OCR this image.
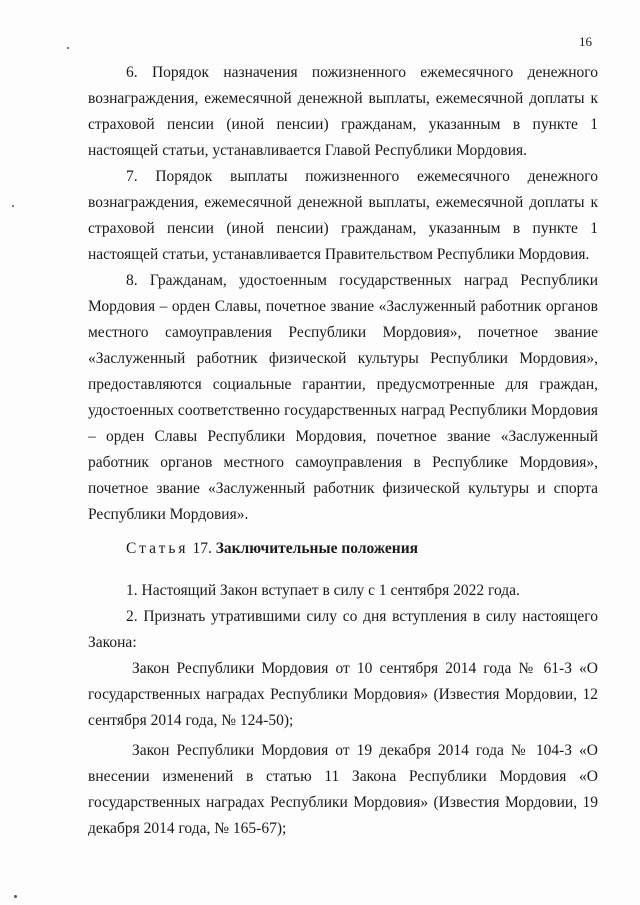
16

6. Порядок назначения пожизненного ежемесячного денежного вознаграждения, ежемесячной денежной выплаты, ежемесячной доплаты к страховой пенсии (иной пенсии) гражданам, указанным в пункте 1 настоящей статьи, устанавливается Главой Республики Мордовия.

7. Порядок выплаты пожизненного ежемесячного денежного вознаграждения, ежемесячной денежной выплаты, ежемесячной доплаты к страховой пенсии (иной пенсии) гражданам, указанным в пункте 1 настоящей статьи, устанавливается Правительством Республики Мордовия.

8. Гражданам, удостоенным государственных наград Республики Мордовия – орден Славы, почетное звание «Заслуженный работник органов местного самоуправления Республики Мордовия», почетное звание «Заслуженный работник физической культуры Республики Мордовия», предоставляются социальные гарантии, предусмотренные для граждан, удостоенных соответственно государственных наград Республики Мордовия – орден Славы Республики Мордовия, почетное звание «Заслуженный работник органов местного самоуправления в Республике Мордовия», почетное звание «Заслуженный работник физической культуры и спорта Республики Мордовия».

Статья 17. Заключительные положения

1. Настоящий Закон вступает в силу с 1 сентября 2022 года.

2. Признать утратившими силу со дня вступления в силу настоящего Закона:

Закон Республики Мордовия от 10 сентября 2014 года № 61-З «О государственных наградах Республики Мордовия» (Известия Мордовии, 12 сентября 2014 года, № 124-50);

Закон Республики Мордовия от 19 декабря 2014 года № 104-З «О внесении изменений в статью 11 Закона Республики Мордовия «О государственных наградах Республики Мордовия» (Известия Мордовии, 19 декабря 2014 года, № 165-67);
